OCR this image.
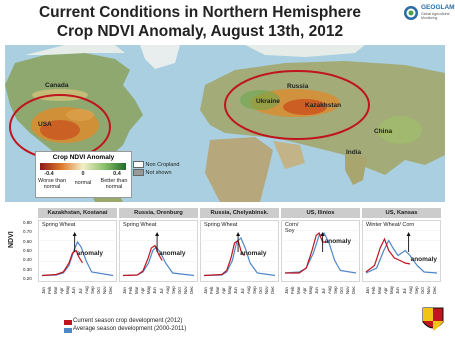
Current Conditions in Northern Hemisphere
Crop NDVI Anomaly, August 13th, 2012
GEOGLAM
Global Agricultural Monitoring
Canada
USA
Russia
Ukraine
Kazakhstan
China
India
Crop NDVI Anomaly
-0.4
Worse than normal
0
normal
0.4
Better than normal
Non Cropland
Not shown
NDVI
0.80
0.70
0.60
0.50
0.40
0.30
0.20
Kazakhstan, Kostanai
Spring Wheat
anomaly
Jan Feb Mar Apr May Jun Jul Aug Sep Oct Nov Dec
Russia, Orenburg
Spring Wheat
anomaly
Jan Feb Mar Apr May Jun Jul Aug Sep Oct Nov Dec
Russia, Chelyabinsk.
Spring Wheat
anomaly
Jan Feb Mar Apr May Jun Jul Aug Sep Oct Nov Dec
US, Ilinios
Corn/ Soy
anomaly
Jan Feb Mar Apr May Jun Jul Aug Sep Oct Nov Dec
US, Kansas
Winter Wheat/ Corn
anomaly
Jan Feb Mar Apr May Jun Jul Aug Sep Oct Nov Dec
Current season crop development (2012)
Average season development (2000-2011)
